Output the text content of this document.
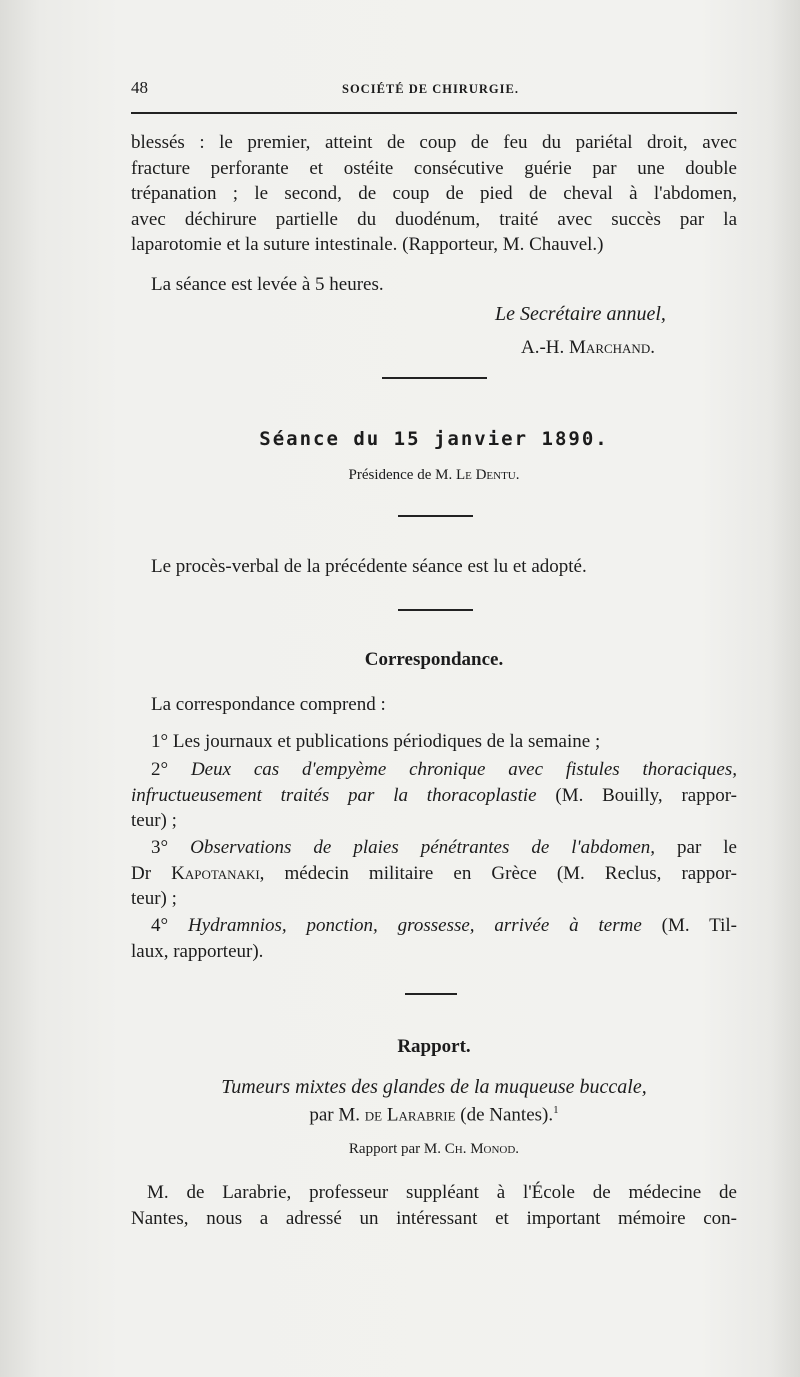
48	SOCIÉTÉ DE CHIRURGIE.
blessés : le premier, atteint de coup de feu du pariétal droit, avec
fracture perforante et ostéite consécutive guérie par une double
trépanation ; le second, de coup de pied de cheval à l'abdomen,
avec déchirure partielle du duodénum, traité avec succès par la
laparotomie et la suture intestinale. (Rapporteur, M. Chauvel.)
La séance est levée à 5 heures.
Le Secrétaire annuel,
A.-H. Marchand.
Séance du 15 janvier 1890.
Présidence de M. Le Dentu.
Le procès-verbal de la précédente séance est lu et adopté.
Correspondance.
La correspondance comprend :
1° Les journaux et publications périodiques de la semaine ;
2° Deux cas d'empyème chronique avec fistules thoraciques,
infructueusement traités par la thoracoplastie (M. Bouilly, rappor-
teur) ;
3° Observations de plaies pénétrantes de l'abdomen, par le
Dr Kapotanaki, médecin militaire en Grèce (M. Reclus, rappor-
teur) ;
4° Hydramnios, ponction, grossesse, arrivée à terme (M. Til-
laux, rapporteur).
Rapport.
Tumeurs mixtes des glandes de la muqueuse buccale,
par M. de Larabrie (de Nantes).$^1$
Rapport par M. Ch. Monod.
M. de Larabrie, professeur suppléant à l'École de médecine de
Nantes, nous a adressé un intéressant et important mémoire con-
